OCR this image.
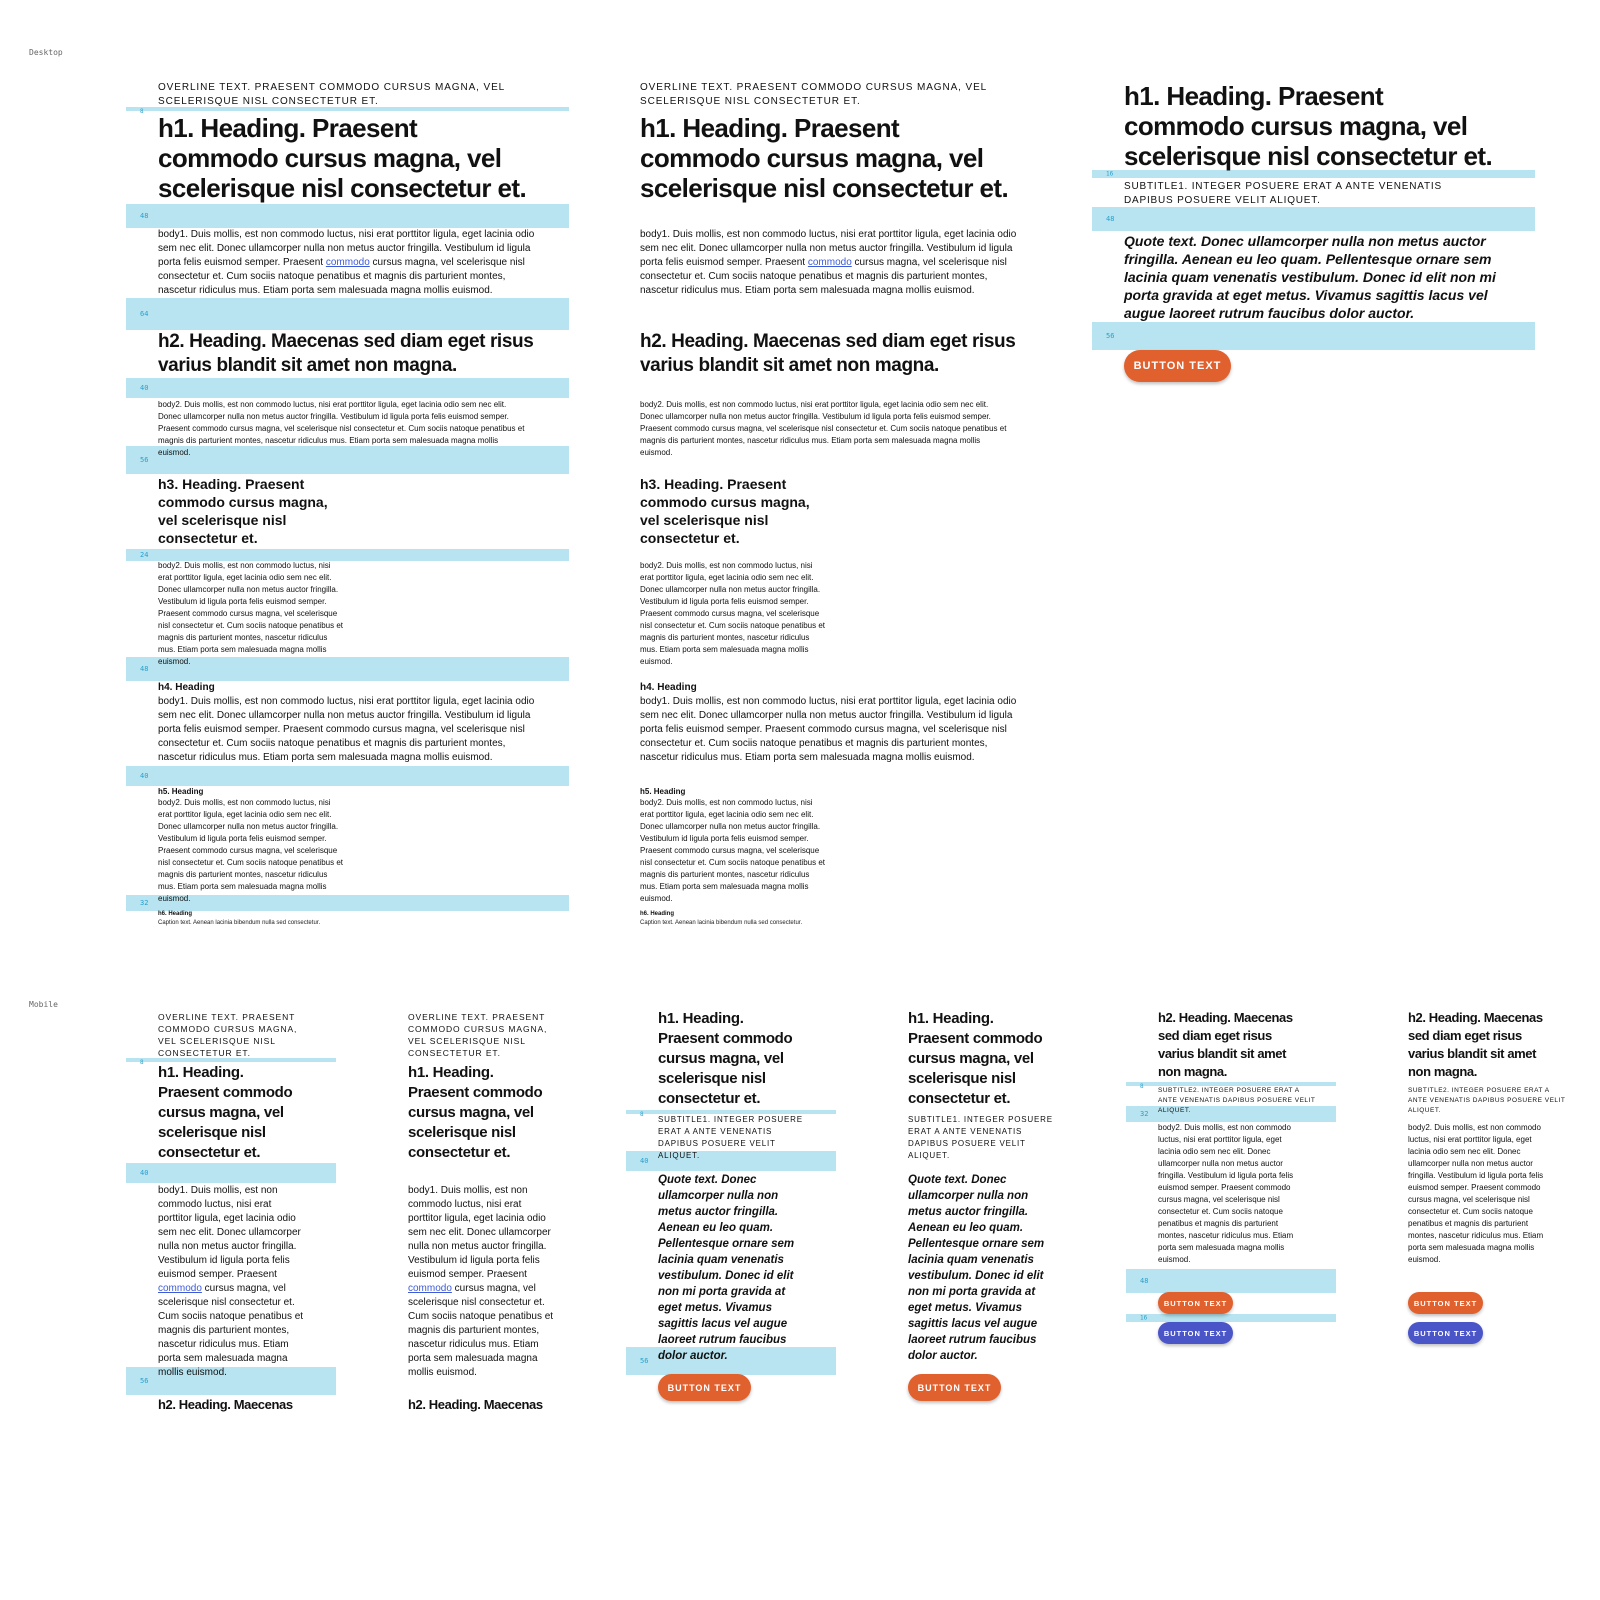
Desktop
Mobile
8
48
64
40
56
24
48
40
32

OVERLINE TEXT. PRAESENT COMMODO CURSUS MAGNA, VEL SCELERISQUE NISL CONSECTETUR ET.

h1. Heading. Praesent commodo cursus magna, vel scelerisque nisl consectetur et.

body1. Duis mollis, est non commodo luctus, nisi erat porttitor ligula, eget lacinia odio sem nec elit. Donec ullamcorper nulla non metus auctor fringilla. Vestibulum id ligula porta felis euismod semper. Praesent commodo cursus magna, vel scelerisque nisl consectetur et. Cum sociis natoque penatibus et magnis dis parturient montes, nascetur ridiculus mus. Etiam porta sem malesuada magna mollis euismod.

h2. Heading. Maecenas sed diam eget risus varius blandit sit amet non magna.

body2. Duis mollis, est non commodo luctus, nisi erat porttitor ligula, eget lacinia odio sem nec elit. Donec ullamcorper nulla non metus auctor fringilla. Vestibulum id ligula porta felis euismod semper. Praesent commodo cursus magna, vel scelerisque nisl consectetur et. Cum sociis natoque penatibus et magnis dis parturient montes, nascetur ridiculus mus. Etiam porta sem malesuada magna mollis euismod.

h3. Heading. Praesent commodo cursus magna, vel scelerisque nisl consectetur et.

body2. Duis mollis, est non commodo luctus, nisi erat porttitor ligula, eget lacinia odio sem nec elit. Donec ullamcorper nulla non metus auctor fringilla. Vestibulum id ligula porta felis euismod semper. Praesent commodo cursus magna, vel scelerisque nisl consectetur et. Cum sociis natoque penatibus et magnis dis parturient montes, nascetur ridiculus mus. Etiam porta sem malesuada magna mollis euismod.

h4. Heading

body1. Duis mollis, est non commodo luctus, nisi erat porttitor ligula, eget lacinia odio sem nec elit. Donec ullamcorper nulla non metus auctor fringilla. Vestibulum id ligula porta felis euismod semper. Praesent commodo cursus magna, vel scelerisque nisl consectetur et. Cum sociis natoque penatibus et magnis dis parturient montes, nascetur ridiculus mus. Etiam porta sem malesuada magna mollis euismod.

h5. Heading

body2. Duis mollis, est non commodo luctus, nisi erat porttitor ligula, eget lacinia odio sem nec elit. Donec ullamcorper nulla non metus auctor fringilla. Vestibulum id ligula porta felis euismod semper. Praesent commodo cursus magna, vel scelerisque nisl consectetur et. Cum sociis natoque penatibus et magnis dis parturient montes, nascetur ridiculus mus. Etiam porta sem malesuada magna mollis euismod.

h6. Heading

Caption text. Aenean lacinia bibendum nulla sed consectetur.

OVERLINE TEXT. PRAESENT COMMODO CURSUS MAGNA, VEL SCELERISQUE NISL CONSECTETUR ET.

h1. Heading. Praesent commodo cursus magna, vel scelerisque nisl consectetur et.

body1. Duis mollis, est non commodo luctus, nisi erat porttitor ligula, eget lacinia odio sem nec elit. Donec ullamcorper nulla non metus auctor fringilla. Vestibulum id ligula porta felis euismod semper. Praesent commodo cursus magna, vel scelerisque nisl consectetur et. Cum sociis natoque penatibus et magnis dis parturient montes, nascetur ridiculus mus. Etiam porta sem malesuada magna mollis euismod.

h2. Heading. Maecenas sed diam eget risus varius blandit sit amet non magna.

body2. Duis mollis, est non commodo luctus, nisi erat porttitor ligula, eget lacinia odio sem nec elit. Donec ullamcorper nulla non metus auctor fringilla. Vestibulum id ligula porta felis euismod semper. Praesent commodo cursus magna, vel scelerisque nisl consectetur et. Cum sociis natoque penatibus et magnis dis parturient montes, nascetur ridiculus mus. Etiam porta sem malesuada magna mollis euismod.

h3. Heading. Praesent commodo cursus magna, vel scelerisque nisl consectetur et.

body2. Duis mollis, est non commodo luctus, nisi erat porttitor ligula, eget lacinia odio sem nec elit. Donec ullamcorper nulla non metus auctor fringilla. Vestibulum id ligula porta felis euismod semper. Praesent commodo cursus magna, vel scelerisque nisl consectetur et. Cum sociis natoque penatibus et magnis dis parturient montes, nascetur ridiculus mus. Etiam porta sem malesuada magna mollis euismod.

h4. Heading

body1. Duis mollis, est non commodo luctus, nisi erat porttitor ligula, eget lacinia odio sem nec elit. Donec ullamcorper nulla non metus auctor fringilla. Vestibulum id ligula porta felis euismod semper. Praesent commodo cursus magna, vel scelerisque nisl consectetur et. Cum sociis natoque penatibus et magnis dis parturient montes, nascetur ridiculus mus. Etiam porta sem malesuada magna mollis euismod.

h5. Heading

body2. Duis mollis, est non commodo luctus, nisi erat porttitor ligula, eget lacinia odio sem nec elit. Donec ullamcorper nulla non metus auctor fringilla. Vestibulum id ligula porta felis euismod semper. Praesent commodo cursus magna, vel scelerisque nisl consectetur et. Cum sociis natoque penatibus et magnis dis parturient montes, nascetur ridiculus mus. Etiam porta sem malesuada magna mollis euismod.

h6. Heading

Caption text. Aenean lacinia bibendum nulla sed consectetur.

16
48
56
h1. Heading. Praesent commodo cursus magna, vel scelerisque nisl consectetur et.

SUBTITLE1. INTEGER POSUERE ERAT A ANTE VENENATIS DAPIBUS POSUERE VELIT ALIQUET.

Quote text. Donec ullamcorper nulla non metus auctor fringilla. Aenean eu leo quam. Pellentesque ornare sem lacinia quam venenatis vestibulum. Donec id elit non mi porta gravida at eget metus. Vivamus sagittis lacus vel augue laoreet rutrum faucibus dolor auctor.

BUTTON TEXT
8
40
56

OVERLINE TEXT. PRAESENT COMMODO CURSUS MAGNA, VEL SCELERISQUE NISL CONSECTETUR ET.

h1. Heading. Praesent commodo cursus magna, vel scelerisque nisl consectetur et.

body1. Duis mollis, est non commodo luctus, nisi erat porttitor ligula, eget lacinia odio sem nec elit. Donec ullamcorper nulla non metus auctor fringilla. Vestibulum id ligula porta felis euismod semper. Praesent commodo cursus magna, vel scelerisque nisl consectetur et. Cum sociis natoque penatibus et magnis dis parturient montes, nascetur ridiculus mus. Etiam porta sem malesuada magna mollis euismod.

h2. Heading. Maecenas

OVERLINE TEXT. PRAESENT COMMODO CURSUS MAGNA, VEL SCELERISQUE NISL CONSECTETUR ET.

h1. Heading. Praesent commodo cursus magna, vel scelerisque nisl consectetur et.

body1. Duis mollis, est non commodo luctus, nisi erat porttitor ligula, eget lacinia odio sem nec elit. Donec ullamcorper nulla non metus auctor fringilla. Vestibulum id ligula porta felis euismod semper. Praesent commodo cursus magna, vel scelerisque nisl consectetur et. Cum sociis natoque penatibus et magnis dis parturient montes, nascetur ridiculus mus. Etiam porta sem malesuada magna mollis euismod.

h2. Heading. Maecenas
8
40
56
h1. Heading. Praesent commodo cursus magna, vel scelerisque nisl consectetur et.

SUBTITLE1. INTEGER POSUERE ERAT A ANTE VENENATIS DAPIBUS POSUERE VELIT ALIQUET.

Quote text. Donec ullamcorper nulla non metus auctor fringilla. Aenean eu leo quam. Pellentesque ornare sem lacinia quam venenatis vestibulum. Donec id elit non mi porta gravida at eget metus. Vivamus sagittis lacus vel augue laoreet rutrum faucibus dolor auctor.

BUTTON TEXT
h1. Heading. Praesent commodo cursus magna, vel scelerisque nisl consectetur et.

SUBTITLE1. INTEGER POSUERE ERAT A ANTE VENENATIS DAPIBUS POSUERE VELIT ALIQUET.

Quote text. Donec ullamcorper nulla non metus auctor fringilla. Aenean eu leo quam. Pellentesque ornare sem lacinia quam venenatis vestibulum. Donec id elit non mi porta gravida at eget metus. Vivamus sagittis lacus vel augue laoreet rutrum faucibus dolor auctor.

BUTTON TEXT
8
32
48
16
h2. Heading. Maecenas sed diam eget risus varius blandit sit amet non magna.

SUBTITLE2. INTEGER POSUERE ERAT A ANTE VENENATIS DAPIBUS POSUERE VELIT ALIQUET.

body2. Duis mollis, est non commodo luctus, nisi erat porttitor ligula, eget lacinia odio sem nec elit. Donec ullamcorper nulla non metus auctor fringilla. Vestibulum id ligula porta felis euismod semper. Praesent commodo cursus magna, vel scelerisque nisl consectetur et. Cum sociis natoque penatibus et magnis dis parturient montes, nascetur ridiculus mus. Etiam porta sem malesuada magna mollis euismod.

BUTTON TEXT
BUTTON TEXT
h2. Heading. Maecenas sed diam eget risus varius blandit sit amet non magna.

SUBTITLE2. INTEGER POSUERE ERAT A ANTE VENENATIS DAPIBUS POSUERE VELIT ALIQUET.

body2. Duis mollis, est non commodo luctus, nisi erat porttitor ligula, eget lacinia odio sem nec elit. Donec ullamcorper nulla non metus auctor fringilla. Vestibulum id ligula porta felis euismod semper. Praesent commodo cursus magna, vel scelerisque nisl consectetur et. Cum sociis natoque penatibus et magnis dis parturient montes, nascetur ridiculus mus. Etiam porta sem malesuada magna mollis euismod.

BUTTON TEXT
BUTTON TEXT
